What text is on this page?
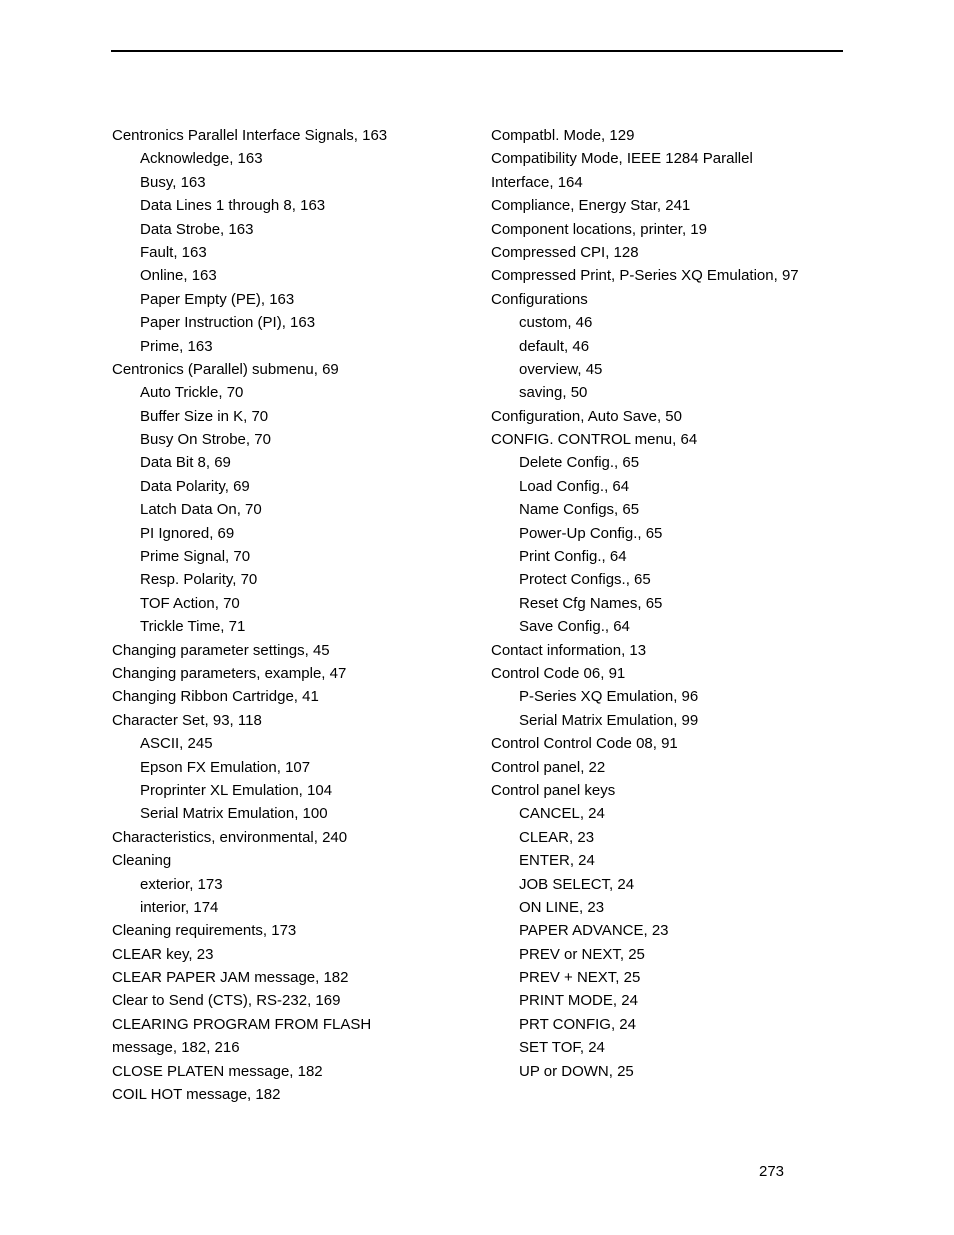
Centronics Parallel Interface Signals, 163
Acknowledge, 163
Busy, 163
Data Lines 1 through 8, 163
Data Strobe, 163
Fault, 163
Online, 163
Paper Empty (PE), 163
Paper Instruction (PI), 163
Prime, 163
Centronics (Parallel) submenu, 69
Auto Trickle, 70
Buffer Size in K, 70
Busy On Strobe, 70
Data Bit 8, 69
Data Polarity, 69
Latch Data On, 70
PI Ignored, 69
Prime Signal, 70
Resp. Polarity, 70
TOF Action, 70
Trickle Time, 71
Changing parameter settings, 45
Changing parameters, example, 47
Changing Ribbon Cartridge, 41
Character Set, 93, 118
ASCII, 245
Epson FX Emulation, 107
Proprinter XL Emulation, 104
Serial Matrix Emulation, 100
Characteristics, environmental, 240
Cleaning
exterior, 173
interior, 174
Cleaning requirements, 173
CLEAR key, 23
CLEAR PAPER JAM message, 182
Clear to Send (CTS), RS-232, 169
CLEARING PROGRAM FROM FLASH
message, 182, 216
CLOSE PLATEN message, 182
COIL HOT message, 182
Compatbl. Mode, 129
Compatibility Mode, IEEE 1284 Parallel
Interface, 164
Compliance, Energy Star, 241
Component locations, printer, 19
Compressed CPI, 128
Compressed Print, P-Series XQ Emulation, 97
Configurations
custom, 46
default, 46
overview, 45
saving, 50
Configuration, Auto Save, 50
CONFIG. CONTROL menu, 64
Delete Config., 65
Load Config., 64
Name Configs, 65
Power-Up Config., 65
Print Config., 64
Protect Configs., 65
Reset Cfg Names, 65
Save Config., 64
Contact information, 13
Control Code 06, 91
P-Series XQ Emulation, 96
Serial Matrix Emulation, 99
Control Control Code 08, 91
Control panel, 22
Control panel keys
CANCEL, 24
CLEAR, 23
ENTER, 24
JOB SELECT, 24
ON LINE, 23
PAPER ADVANCE, 23
PREV or NEXT, 25
PREV + NEXT, 25
PRINT MODE, 24
PRT CONFIG, 24
SET TOF, 24
UP or DOWN, 25
273
